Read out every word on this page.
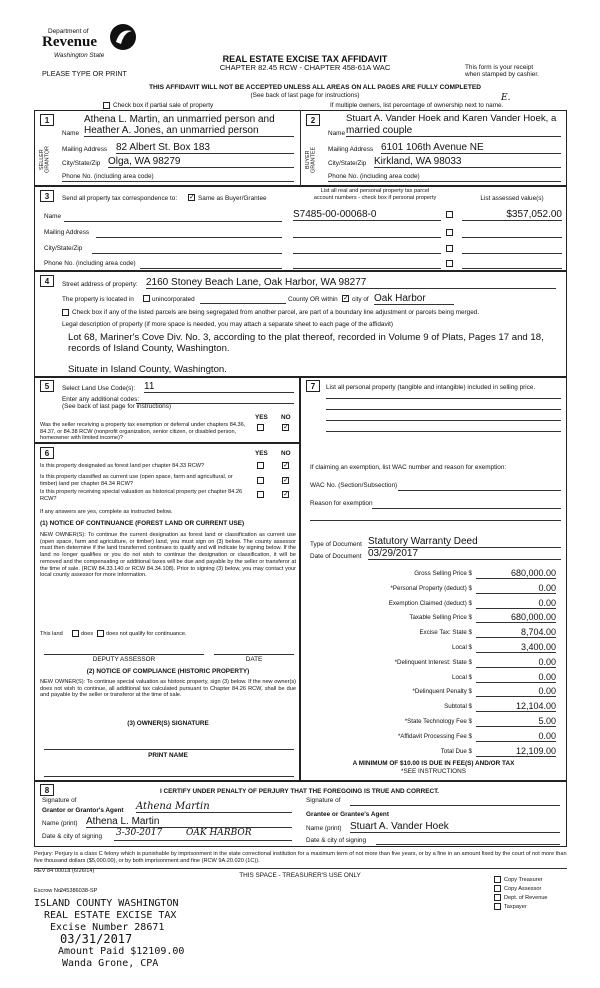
Department of
Revenue
Washington State
PLEASE TYPE OR PRINT
REAL ESTATE EXCISE TAX AFFIDAVIT
CHAPTER 82.45 RCW - CHAPTER 458-61A WAC	This form is your receipt
when stamped by cashier.
THIS AFFIDAVIT WILL NOT BE ACCEPTED UNLESS ALL AREAS ON ALL PAGES ARE FULLY COMPLETED
(See back of last page for instructions)
Check box if partial sale of property	If multiple owners, list percentage of ownership next to name.
E.
1
SELLER GRANTOR
Athena L. Martin, an unmarried person and
Name Heather A. Jones, an unmarried person
Mailing Address 82 Albert St. Box 183
City/State/Zip Olga, WA 98279
Phone No. (including area code)
2
BUYER GRANTEE
Stuart A. Vander Hoek and Karen Vander Hoek, a
Name married couple
Mailing Address 6101 106th Avenue NE
City/State/Zip Kirkland, WA 98033
Phone No. (including area code)
3	Send all property tax correspondence to: ✓ Same as Buyer/Grantee
List all real and personal property tax parcel
account numbers - check box if personal property	List assessed value(s)
S7485-00-00068-0	$357,052.00
Name
Mailing Address
City/State/Zip
Phone No. (including area code)
4	Street address of property: 2160 Stoney Beach Lane, Oak Harbor, WA 98277
The property is located in	unincorporated	County OR within ✓ city of Oak Harbor
Check box if any of the listed parcels are being segregated from another parcel, are part of a boundary line adjustment or parcels being merged.
Legal description of property (if more space is needed, you may attach a separate sheet to each page of the affidavit)
Lot 68, Mariner's Cove Div. No. 3, according to the plat thereof, recorded in Volume 9 of Plats, Pages 17 and 18,
records of Island County, Washington.
Situate in Island County, Washington.
5	Select Land Use Code(s): 11
Enter any additional codes:
(See back of last page for instructions)
YES NO
Was the seller receiving a property tax exemption or deferral under chapters 84.36, 84.37, or 84.38 RCW (nonprofit organization, senior citizen, or disabled person, homeowner with limited income)?
✓
6	YES NO
Is this property designated as forest land per chapter 84.33 RCW?	✓
Is this property classified as current use (open space, farm and agricultural, or timber) land per chapter 84.34 RCW?	✓
Is this property receiving special valuation as historical property per chapter 84.26 RCW?
✓
If any answers are yes, complete as instructed below.
(1) NOTICE OF CONTINUANCE (FOREST LAND OR CURRENT USE)
NEW OWNER(S): To continue the current designation as forest land or classification as current use (open space, farm and agriculture, or timber) land, you must sign on (3) below. The county assessor must then determine if the land transferred continues to qualify and will indicate by signing below. If the land no longer qualifies or you do not wish to continue the designation or classification, it will be removed and the compensating or additional taxes will be due and payable by the seller or transferor at the time of sale. (RCW 84.33.140 or RCW 84.34.108). Prior to signing (3) below, you may contact your local county assessor for more information.
This land	does does not qualify for continuance.
DEPUTY ASSESSOR	DATE
(2) NOTICE OF COMPLIANCE (HISTORIC PROPERTY)
NEW OWNER(S): To continue special valuation as historic property, sign (3) below. If the new owner(s) does not wish to continue, all additional tax calculated pursuant to Chapter 84.26 RCW, shall be due and payable by the seller or transferor at the time of sale.
(3) OWNER(S) SIGNATURE
PRINT NAME
7	List all personal property (tangible and intangible) included in selling price.
If claiming an exemption, list WAC number and reason for exemption:
WAC No. (Section/Subsection)
Reason for exemption
Type of Document Statutory Warranty Deed
Date of Document 03/29/2017
Gross Selling Price $	680,000.00
*Personal Property (deduct) $	0.00
Exemption Claimed (deduct) $	0.00
Taxable Selling Price $	680,000.00
Excise Tax: State $	8,704.00
Local $	3,400.00
*Delinquent Interest: State $	0.00
Local $	0.00
*Delinquent Penalty $	0.00
Subtotal $	12,104.00
*State Technology Fee $	5.00
*Affidavit Processing Fee $	0.00
Total Due $	12,109.00
A MINIMUM OF $10.00 IS DUE IN FEE(S) AND/OR TAX
*SEE INSTRUCTIONS
8	I CERTIFY UNDER PENALTY OF PERJURY THAT THE FOREGOING IS TRUE AND CORRECT.
Signature of
Grantor or Grantor's Agent Athena Martin
Name (print) Athena L. Martin
Date & city of signing 3-30-2017	OAK HARBOR
Signature of
Grantee or Grantee's Agent
Name (print) Stuart A. Vander Hoek
Date & city of signing
Perjury: Perjury is a class C felony which is punishable by imprisonment in the state correctional institution for a maximum term of not more than five years, or by a fine in an amount fixed by the court of not more than five thousand dollars ($5,000.00), or by both imprisonment and fine (RCW 9A.20.020 (1C)).
REV 84 0001a (6/26/14)
THIS SPACE - TREASURER'S USE ONLY
Escrow No.:
245386038-SP
Copy Treasurer
Copy Assessor
Dept. of Revenue
Taxpayer
ISLAND COUNTY WASHINGTON
REAL ESTATE EXCISE TAX
Excise Number 28671
03/31/2017
Amount Paid $12109.00
Wanda Grone, CPA
